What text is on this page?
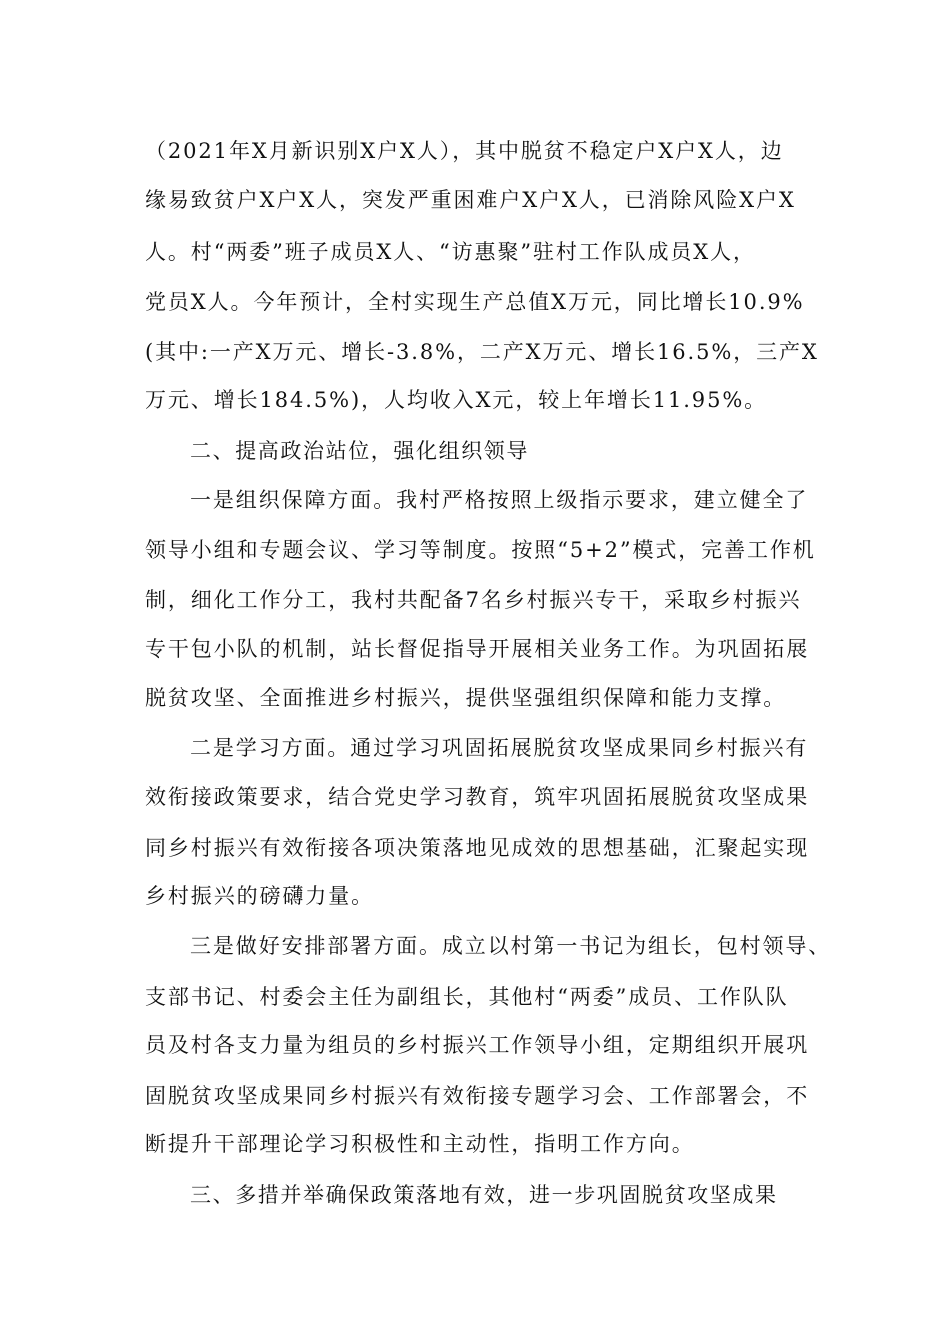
（2021年X月新识别X户X人），其中脱贫不稳定户X户X人，边
缘易致贫户X户X人，突发严重困难户X户X人，已消除风险X户X
人。村“两委”班子成员X人、“访惠聚”驻村工作队成员X人，
党员X人。今年预计，全村实现生产总值X万元，同比增长10.9%
(其中:一产X万元、增长-3.8%，二产X万元、增长16.5%，三产X
万元、增长184.5%)，人均收入X元，较上年增长11.95%。
二、提高政治站位，强化组织领导
一是组织保障方面。我村严格按照上级指示要求，建立健全了
领导小组和专题会议、学习等制度。按照“5+2”模式，完善工作机
制，细化工作分工，我村共配备7名乡村振兴专干，采取乡村振兴
专干包小队的机制，站长督促指导开展相关业务工作。为巩固拓展
脱贫攻坚、全面推进乡村振兴，提供坚强组织保障和能力支撑。
二是学习方面。通过学习巩固拓展脱贫攻坚成果同乡村振兴有
效衔接政策要求，结合党史学习教育，筑牢巩固拓展脱贫攻坚成果
同乡村振兴有效衔接各项决策落地见成效的思想基础，汇聚起实现
乡村振兴的磅礴力量。
三是做好安排部署方面。成立以村第一书记为组长，包村领导、
支部书记、村委会主任为副组长，其他村“两委”成员、工作队队
员及村各支力量为组员的乡村振兴工作领导小组，定期组织开展巩
固脱贫攻坚成果同乡村振兴有效衔接专题学习会、工作部署会，不
断提升干部理论学习积极性和主动性，指明工作方向。
三、多措并举确保政策落地有效，进一步巩固脱贫攻坚成果
